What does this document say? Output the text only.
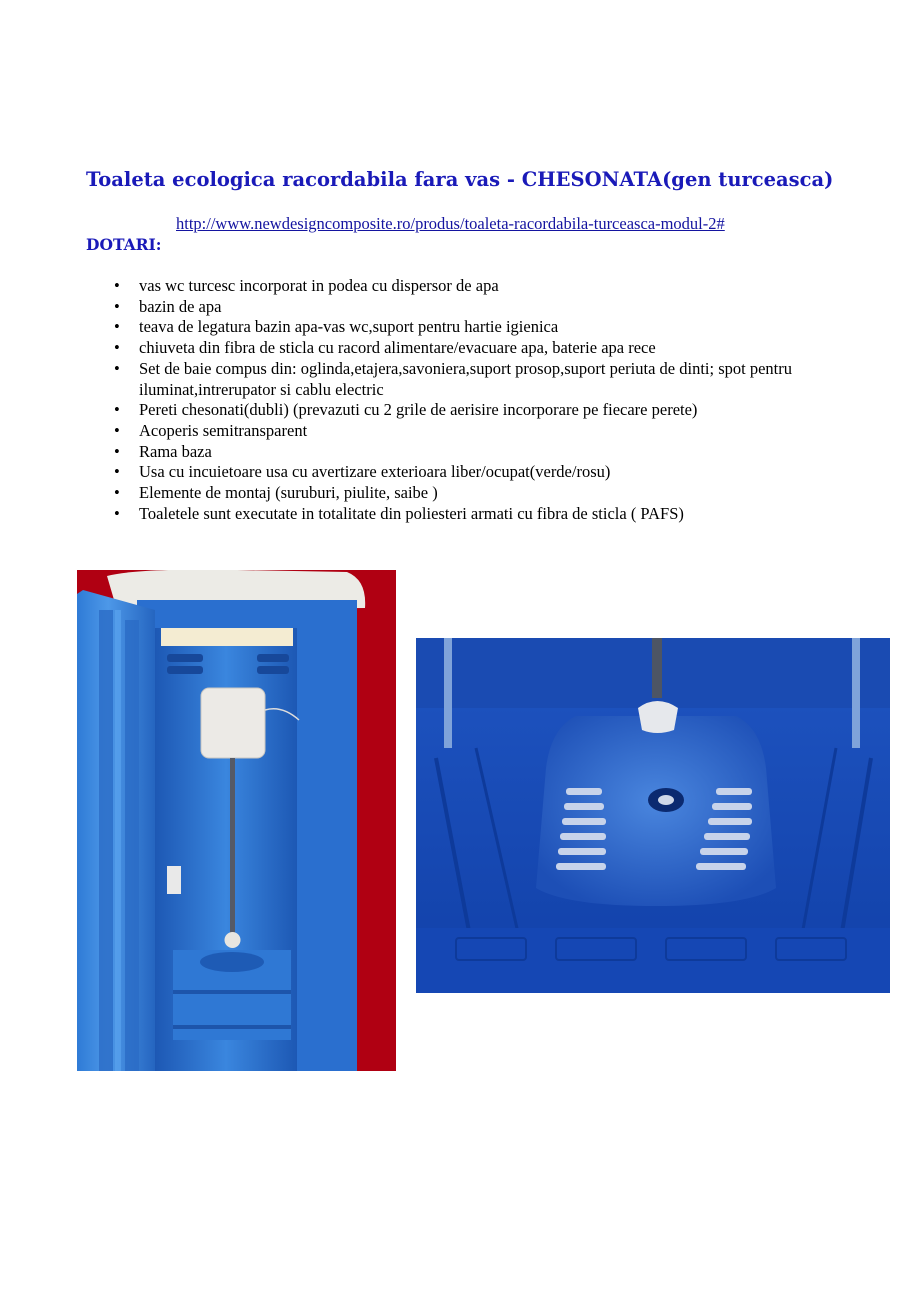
Toaleta ecologica racordabila fara vas - CHESONATA(gen turceasca)
http://www.newdesigncomposite.ro/produs/toaleta-racordabila-turceasca-modul-2#
DOTARI:
• vas wc turcesc incorporat in podea cu dispersor de apa
• bazin de apa
• teava de legatura bazin apa-vas wc,suport pentru hartie igienica
• chiuveta din fibra de sticla cu racord alimentare/evacuare apa, baterie apa rece
• Set de baie compus din: oglinda,etajera,savoniera,suport prosop,suport periuta de dinti; spot pentru iluminat,intrerupator si cablu electric
• Pereti chesonati(dubli) (prevazuti cu 2 grile de aerisire incorporare pe fiecare perete)
• Acoperis semitransparent
• Rama baza
• Usa cu incuietoare usa cu avertizare exterioara liber/ocupat(verde/rosu)
• Elemente de montaj (suruburi, piulite, saibe )
• Toaletele sunt executate in totalitate din poliesteri armati cu fibra de sticla ( PAFS)
